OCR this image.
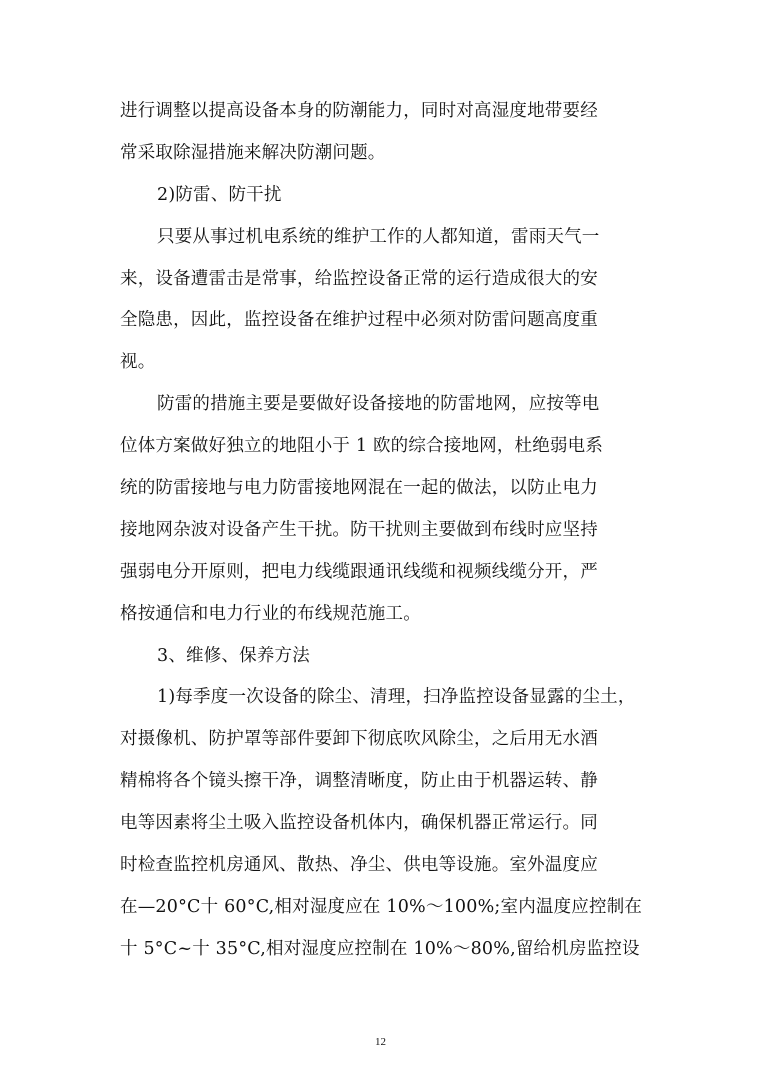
进行调整以提高设备本身的防潮能力，同时对高湿度地带要经
常采取除湿措施来解决防潮问题。
2)防雷、防干扰
只要从事过机电系统的维护工作的人都知道，雷雨天气一
来，设备遭雷击是常事，给监控设备正常的运行造成很大的安
全隐患，因此，监控设备在维护过程中必须对防雷问题高度重
视。
防雷的措施主要是要做好设备接地的防雷地网，应按等电
位体方案做好独立的地阻小于 1 欧的综合接地网，杜绝弱电系
统的防雷接地与电力防雷接地网混在一起的做法，以防止电力
接地网杂波对设备产生干扰。防干扰则主要做到布线时应坚持
强弱电分开原则，把电力线缆跟通讯线缆和视频线缆分开，严
格按通信和电力行业的布线规范施工。
3、维修、保养方法
1)每季度一次设备的除尘、清理，扫净监控设备显露的尘土，
对摄像机、防护罩等部件要卸下彻底吹风除尘，之后用无水酒
精棉将各个镜头擦干净，调整清晰度，防止由于机器运转、静
电等因素将尘土吸入监控设备机体内，确保机器正常运行。同
时检查监控机房通风、散热、净尘、供电等设施。室外温度应
在—20°C十 60°C,相对湿度应在 10%～100%;室内温度应控制在
十 5°C~十 35°C,相对湿度应控制在 10%～80%,留给机房监控设
12
